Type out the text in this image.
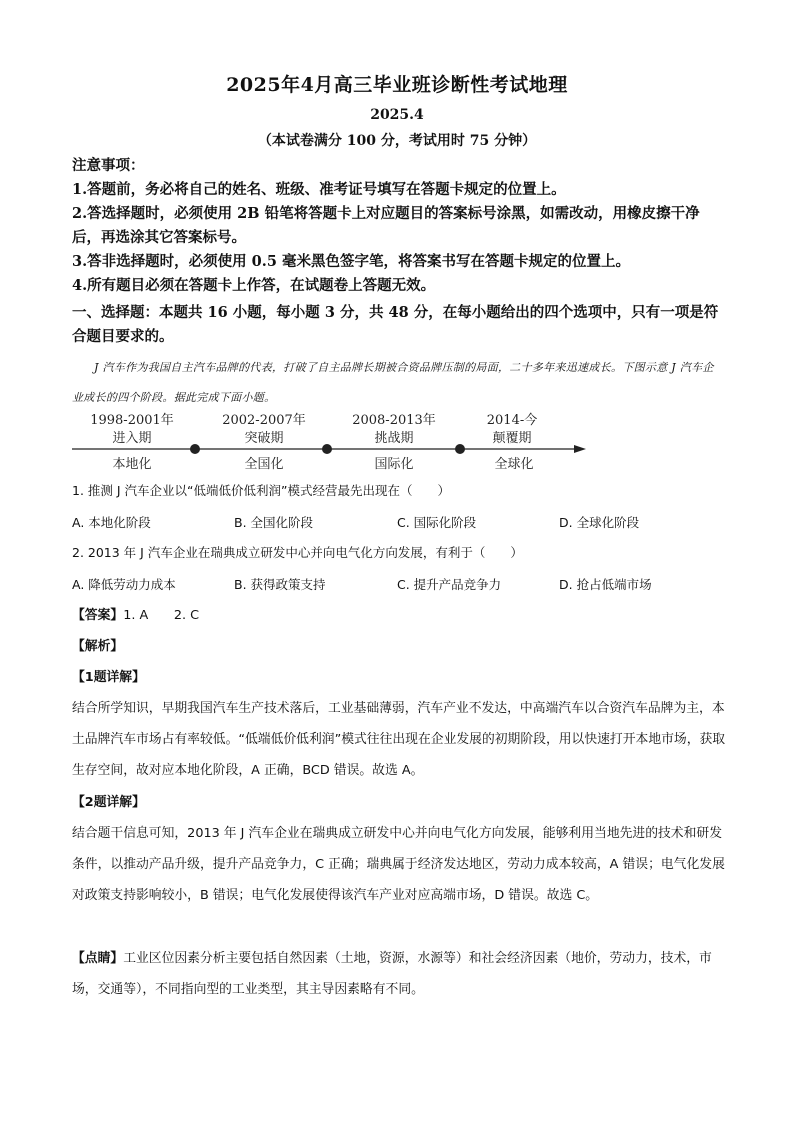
2025年4月高三毕业班诊断性考试地理
2025.4
（本试卷满分 100 分，考试用时 75 分钟）
注意事项：
1.答题前，务必将自己的姓名、班级、准考证号填写在答题卡规定的位置上。
2.答选择题时，必须使用 2B 铅笔将答题卡上对应题目的答案标号涂黑，如需改动，用橡皮擦干净后，再选涂其它答案标号。
3.答非选择题时，必须使用 0.5 毫米黑色签字笔，将答案书写在答题卡规定的位置上。
4.所有题目必须在答题卡上作答，在试题卷上答题无效。
一、选择题：本题共 16 小题，每小题 3 分，共 48 分，在每小题给出的四个选项中，只有一项是符合题目要求的。
J 汽车作为我国自主汽车品牌的代表，打破了自主品牌长期被合资品牌压制的局面，二十多年来迅速成长。下图示意 J 汽车企业成长的四个阶段。据此完成下面小题。
1998-2001年
进入期
本地化
2002-2007年
突破期
全国化
2008-2013年
挑战期
国际化
2014-今
颠覆期
全球化
1. 推测 J 汽车企业以“低端低价低利润”模式经营最先出现在（　　）
A. 本地化阶段	B. 全国化阶段	C. 国际化阶段	D. 全球化阶段
2. 2013 年 J 汽车企业在瑞典成立研发中心并向电气化方向发展，有利于（　　）
A. 降低劳动力成本	B. 获得政策支持	C. 提升产品竞争力	D. 抢占低端市场
【答案】1. A　　2. C
【解析】
【1题详解】
结合所学知识，早期我国汽车生产技术落后，工业基础薄弱，汽车产业不发达，中高端汽车以合资汽车品牌为主，本土品牌汽车市场占有率较低。“低端低价低利润”模式往往出现在企业发展的初期阶段，用以快速打开本地市场，获取生存空间，故对应本地化阶段，A 正确，BCD 错误。故选 A。
【2题详解】
结合题干信息可知，2013 年 J 汽车企业在瑞典成立研发中心并向电气化方向发展，能够利用当地先进的技术和研发条件，以推动产品升级，提升产品竞争力，C 正确；瑞典属于经济发达地区，劳动力成本较高，A 错误；电气化发展对政策支持影响较小，B 错误；电气化发展使得该汽车产业对应高端市场，D 错误。故选 C。
【点睛】工业区位因素分析主要包括自然因素（土地，资源，水源等）和社会经济因素（地价，劳动力，技术，市场，交通等），不同指向型的工业类型，其主导因素略有不同。
